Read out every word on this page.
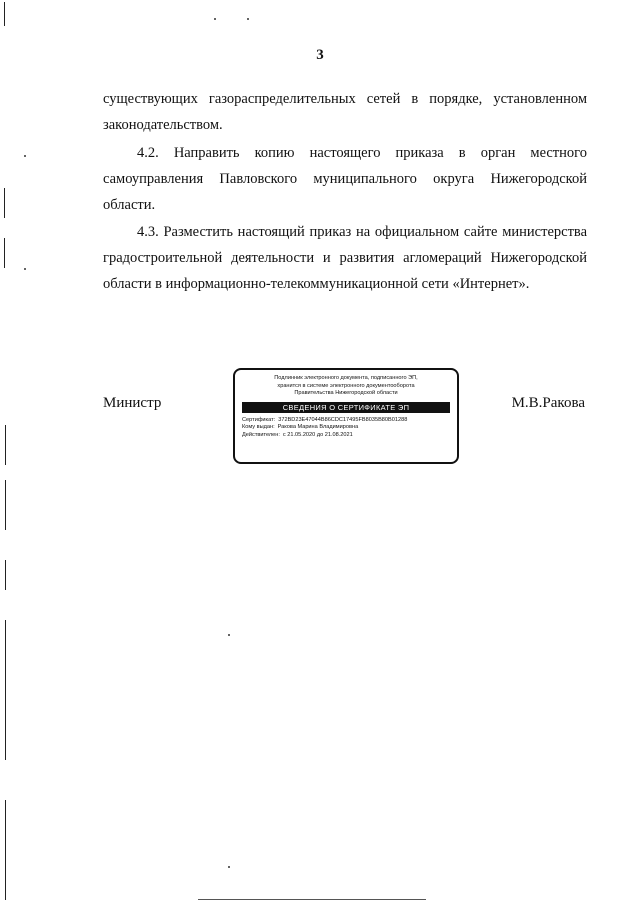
3

существующих газораспределительных сетей в порядке, установленном законодательством.

4.2. Направить копию настоящего приказа в орган местного самоуправления Павловского муниципального округа Нижегородской области.

4.3. Разместить настоящий приказ на официальном сайте министерства градостроительной деятельности и развития агломераций Нижегородской области в информационно-телекоммуникационной сети «Интернет».

Министр
Подлинник электронного документа, подписанного ЭП,
хранится в системе электронного документооборота
Правительства Нижегородской области
СВЕДЕНИЯ О СЕРТИФИКАТЕ ЭП
Сертификат: 372BD23E47044B86CDC17495FB8035B80B01288
Кому выдан: Ракова Марина Владимировна
Действителен: с 21.05.2020 до 21.08.2021
М.В.Ракова
